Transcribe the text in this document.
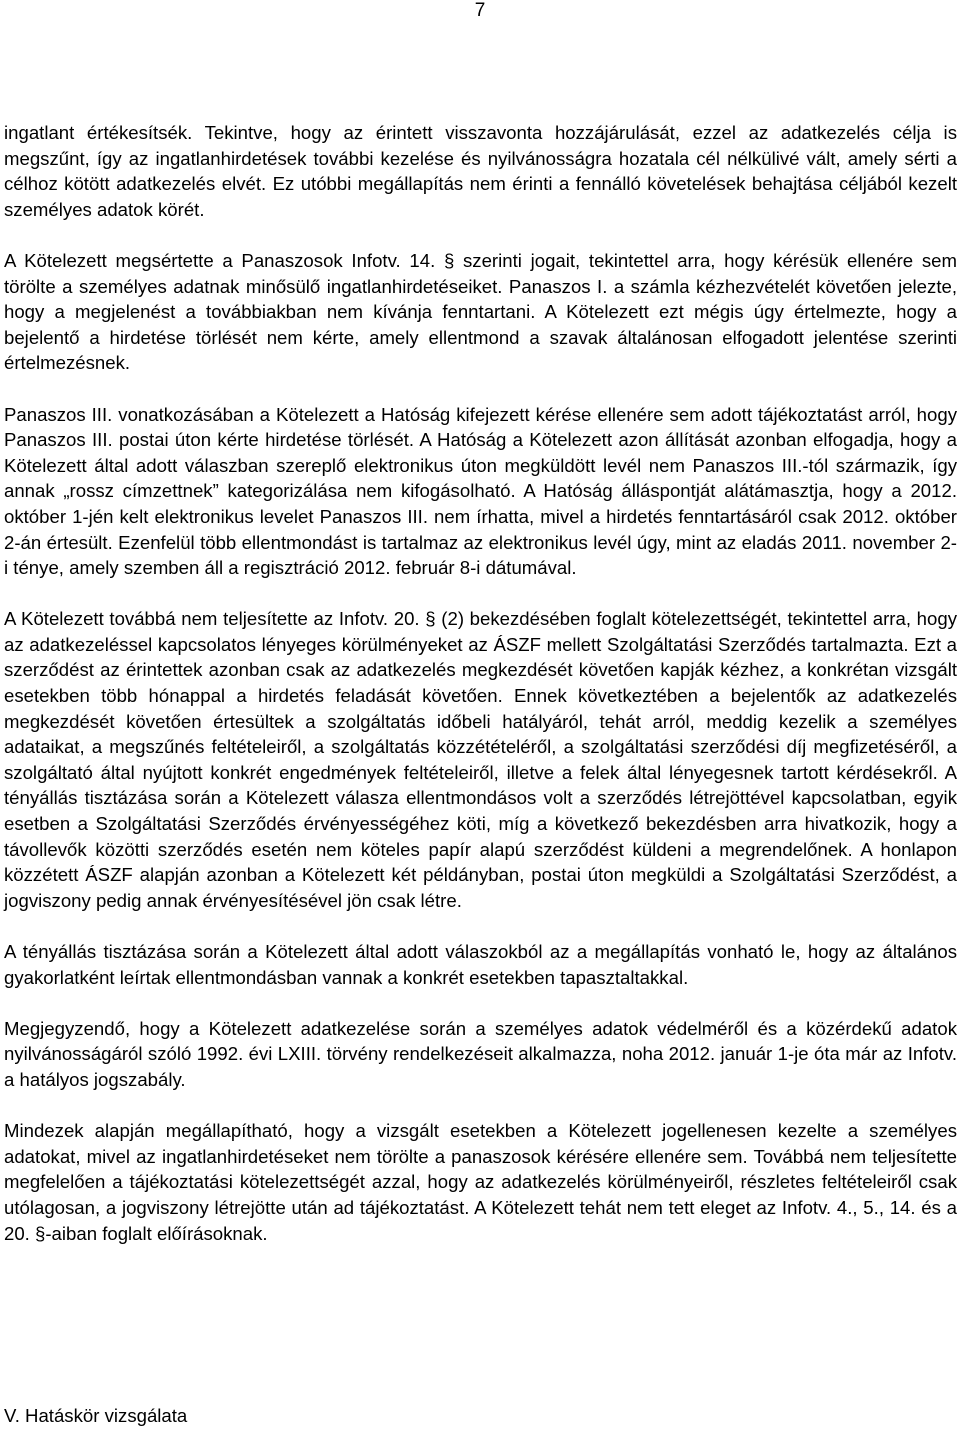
7

ingatlant értékesítsék. Tekintve, hogy az érintett visszavonta hozzájárulását, ezzel az adatkezelés célja is megszűnt, így az ingatlanhirdetések további kezelése és nyilvánosságra hozatala cél nélkülivé vált, amely sérti a célhoz kötött adatkezelés elvét. Ez utóbbi megállapítás nem érinti a fennálló követelések behajtása céljából kezelt személyes adatok körét.

A Kötelezett megsértette a Panaszosok Infotv. 14. § szerinti jogait, tekintettel arra, hogy kérésük ellenére sem törölte a személyes adatnak minősülő ingatlanhirdetéseiket. Panaszos I. a számla kézhezvételét követően jelezte, hogy a megjelenést a továbbiakban nem kívánja fenntartani. A Kötelezett ezt mégis úgy értelmezte, hogy a bejelentő a hirdetése törlését nem kérte, amely ellentmond a szavak általánosan elfogadott jelentése szerinti értelmezésnek.

Panaszos III. vonatkozásában a Kötelezett a Hatóság kifejezett kérése ellenére sem adott tájékoztatást arról, hogy Panaszos III. postai úton kérte hirdetése törlését. A Hatóság a Kötelezett azon állítását azonban elfogadja, hogy a Kötelezett által adott válaszban szereplő elektronikus úton megküldött levél nem Panaszos III.-tól származik, így annak „rossz címzettnek” kategorizálása nem kifogásolható. A Hatóság álláspontját alátámasztja, hogy a 2012. október 1-jén kelt elektronikus levelet Panaszos III. nem írhatta, mivel a hirdetés fenntartásáról csak 2012. október 2-án értesült. Ezenfelül több ellentmondást is tartalmaz az elektronikus levél úgy, mint az eladás 2011. november 2-i ténye, amely szemben áll a regisztráció 2012. február 8-i dátumával.

A Kötelezett továbbá nem teljesítette az Infotv. 20. § (2) bekezdésében foglalt kötelezettségét, tekintettel arra, hogy az adatkezeléssel kapcsolatos lényeges körülményeket az ÁSZF mellett Szolgáltatási Szerződés tartalmazta. Ezt a szerződést az érintettek azonban csak az adatkezelés megkezdését követően kapják kézhez, a konkrétan vizsgált esetekben több hónappal a hirdetés feladását követően. Ennek következtében a bejelentők az adatkezelés megkezdését követően értesültek a szolgáltatás időbeli hatályáról, tehát arról, meddig kezelik a személyes adataikat, a megszűnés feltételeiről, a szolgáltatás közzétételéről, a szolgáltatási szerződési díj megfizetéséről, a szolgáltató által nyújtott konkrét engedmények feltételeiről, illetve a felek által lényegesnek tartott kérdésekről. A tényállás tisztázása során a Kötelezett válasza ellentmondásos volt a szerződés létrejöttével kapcsolatban, egyik esetben a Szolgáltatási Szerződés érvényességéhez köti, míg a következő bekezdésben arra hivatkozik, hogy a távollevők közötti szerződés esetén nem köteles papír alapú szerződést küldeni a megrendelőnek. A honlapon közzétett ÁSZF alapján azonban a Kötelezett két példányban, postai úton megküldi a Szolgáltatási Szerződést, a jogviszony pedig annak érvényesítésével jön csak létre.

A tényállás tisztázása során a Kötelezett által adott válaszokból az a megállapítás vonható le, hogy az általános gyakorlatként leírtak ellentmondásban vannak a konkrét esetekben tapasztaltakkal.

Megjegyzendő, hogy a Kötelezett adatkezelése során a személyes adatok védelméről és a közérdekű adatok nyilvánosságáról szóló 1992. évi LXIII. törvény rendelkezéseit alkalmazza, noha 2012. január 1-je óta már az Infotv. a hatályos jogszabály.

Mindezek alapján megállapítható, hogy a vizsgált esetekben a Kötelezett jogellenesen kezelte a személyes adatokat, mivel az ingatlanhirdetéseket nem törölte a panaszosok kérésére ellenére sem. Továbbá nem teljesítette megfelelően a tájékoztatási kötelezettségét azzal, hogy az adatkezelés körülményeiről, részletes feltételeiről csak utólagosan, a jogviszony létrejötte után ad tájékoztatást. A Kötelezett tehát nem tett eleget az Infotv. 4., 5., 14. és a 20. §-aiban foglalt előírásoknak.

V. Hatáskör vizsgálata
